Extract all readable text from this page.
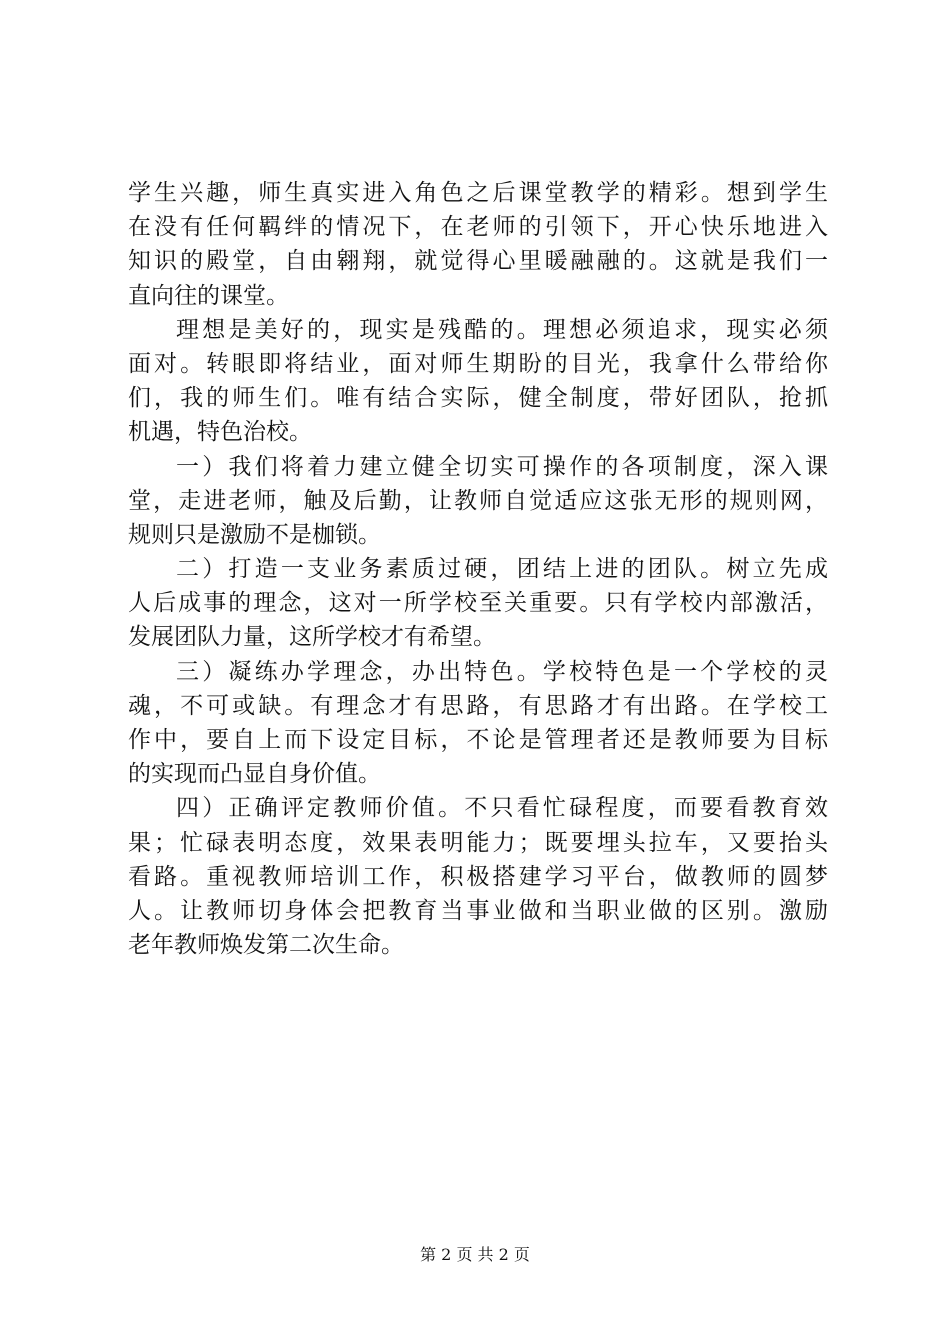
学生兴趣，师生真实进入角色之后课堂教学的精彩。想到学生
在没有任何羁绊的情况下，在老师的引领下，开心快乐地进入
知识的殿堂，自由翱翔，就觉得心里暖融融的。这就是我们一
直向往的课堂。
理想是美好的，现实是残酷的。理想必须追求，现实必须
面对。转眼即将结业，面对师生期盼的目光，我拿什么带给你
们，我的师生们。唯有结合实际，健全制度，带好团队，抢抓
机遇，特色治校。
一）我们将着力建立健全切实可操作的各项制度，深入课
堂，走进老师，触及后勤，让教师自觉适应这张无形的规则网，
规则只是激励不是枷锁。
二）打造一支业务素质过硬，团结上进的团队。树立先成
人后成事的理念，这对一所学校至关重要。只有学校内部激活，
发展团队力量，这所学校才有希望。
三）凝练办学理念，办出特色。学校特色是一个学校的灵
魂，不可或缺。有理念才有思路，有思路才有出路。在学校工
作中，要自上而下设定目标，不论是管理者还是教师要为目标
的实现而凸显自身价值。
四）正确评定教师价值。不只看忙碌程度，而要看教育效
果；忙碌表明态度，效果表明能力；既要埋头拉车，又要抬头
看路。重视教师培训工作，积极搭建学习平台，做教师的圆梦
人。让教师切身体会把教育当事业做和当职业做的区别。激励
老年教师焕发第二次生命。
第 2 页 共 2 页
